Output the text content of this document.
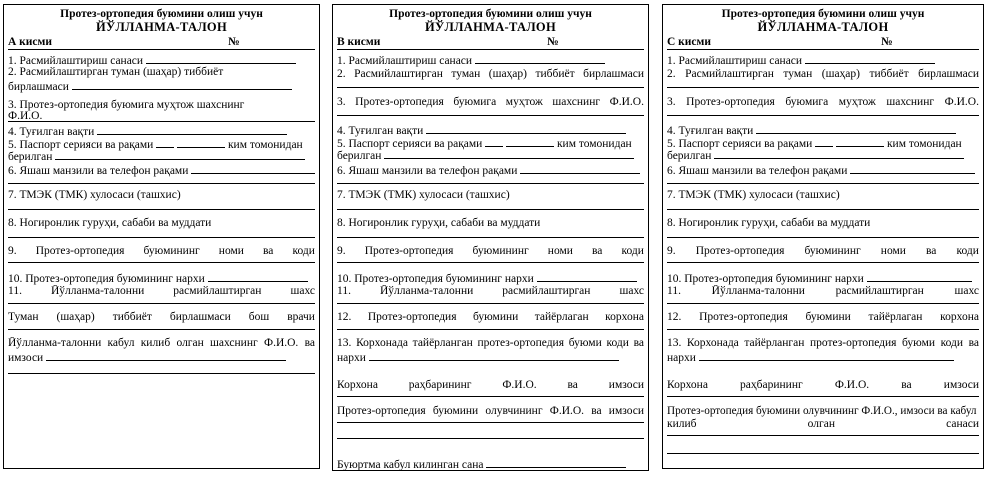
Протез-ортопедия буюмини олиш учун
ЙЎЛЛАНМА-ТАЛОН
А кисми	№
1. Расмийлаштириш санаси
2. Расмийлаштирган туман (шаҳар) тиббиёт
бирлашмаси
3. Протез-ортопедия буюмига муҳтож шахснинг
Ф.И.О.
4. Туғилган вақти
5. Паспорт серияси ва рақами	ким томонидан
берилган
6. Яшаш манзили ва телефон рақами
7. ТМЭК (ТМК) хулосаси (ташхис)
8. Ногиронлик гуруҳи, сабаби ва муддати
9. Протез-ортопедия буюмининг номи ва коди
10. Протез-ортопедия буюмининг нархи
11.	Йўлланма-талонни	расмийлаштирган	шахс
Туман (шаҳар) тиббиёт бирлашмаси бош врачи
Йўлланма-талонни кабул килиб олган шахснинг Ф.И.О. ва
имзоси
Протез-ортопедия буюмини олиш учун
ЙЎЛЛАНМА-ТАЛОН
В кисми	№
1. Расмийлаштириш санаси
2. Расмийлаштирган туман (шаҳар) тиббиёт бирлашмаси
3. Протез-ортопедия буюмига муҳтож шахснинг Ф.И.О.
4. Туғилган вақти
5. Паспорт серияси ва рақами	ким томонидан
берилган
6. Яшаш манзили ва телефон рақами
7. ТМЭК (ТМК) хулосаси (ташхис)
8. Ногиронлик гуруҳи, сабаби ва муддати
9. Протез-ортопедия буюмининг номи ва коди
10. Протез-ортопедия буюмининг нархи
11.	Йўлланма-талонни	расмийлаштирган	шахс
12. Протез-ортопедия буюмини тайёрлаган корхона
13. Корхонада тайёрланган протез-ортопедия буюми коди ва
нархи
Корхона	раҳбарининг	Ф.И.О.	ва	имзоси
Протез-ортопедия буюмини олувчининг Ф.И.О. ва имзоси
Буюртма кабул килинган сана
Протез-ортопедия буюмини олиш учун
ЙЎЛЛАНМА-ТАЛОН
С кисми	№
1. Расмийлаштириш санаси
2. Расмийлаштирган туман (шаҳар) тиббиёт бирлашмаси
3. Протез-ортопедия буюмига муҳтож шахснинг Ф.И.О.
4. Туғилган вақти
5. Паспорт серияси ва рақами	ким томонидан
берилган
6. Яшаш манзили ва телефон рақами
7. ТМЭК (ТМК) хулосаси (ташхис)
8. Ногиронлик гуруҳи, сабаби ва муддати
9. Протез-ортопедия буюмининг номи ва коди
10. Протез-ортопедия буюмининг нархи
11.	Йўлланма-талонни	расмийлаштирган	шахс
12. Протез-ортопедия буюмини тайёрлаган корхона
13. Корхонада тайёрланган протез-ортопедия буюми коди ва
нархи
Корхона	раҳбарининг	Ф.И.О.	ва	имзоси
Протез-ортопедия буюмини олувчининг Ф.И.О., имзоси ва кабул
килиб	олган	санаси
